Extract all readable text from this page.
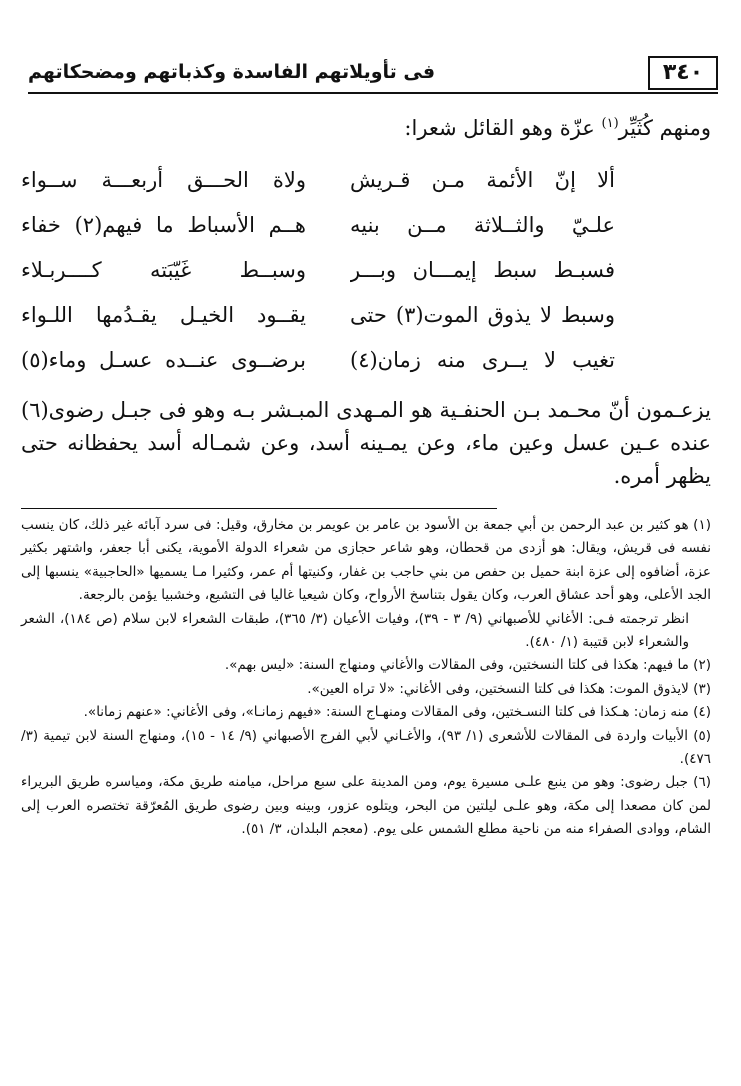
٣٤٠
فى تأويلاتهم الفاسدة وكذباتهم ومضحكاتهم
ومنهم كُثَيِّر$^{(١)}$ عزّة وهو القائل شعرا:
ألا إنّ الأئمة مـن قـريش
ولاة الحـــق أربعـــة ســواء
علـيّ والثــلاثة مــن بنيه
هــم الأسباط ما فيهم(٢) خفاء
فسبـط سبط إيمـــان وبـــر
وسبــط غَيّبَته كــــربـلاء
وسبط لا يذوق الموت(٣) حتى
يقــود الخيـل يقـدُمها اللـواء
تغيب لا يــرى منه زمان(٤)
برضــوى عنــده عسـل وماء(٥)
يزعـمون أنّ محـمد بـن الحنفـية هو المـهدى المبـشر بـه وهو فى جبـل رضوى(٦) عنده عـين عسل وعين ماء، وعن يمـينه أسد، وعن شمـاله أسد يحفظانه حتى يظهر أمره.

(١) هو كثير بن عبد الرحمن بن أبي جمعة بن الأسود بن عامر بن عويمر بن مخارق، وقيل: فى سرد آبائه غير ذلك، كان ينسب نفسه فى قريش، ويقال: هو أزدى من قحطان، وهو شاعر حجازى من شعراء الدولة الأموية، يكنى أبا جعفر، واشتهر بكثير عزة، أضافوه إلى عزة ابنة حميل بن حفص من بني حاجب بن غفار، وكنيتها أم عمر، وكثيرا مـا يسميها «الحاجبية» ينسبها إلى الجد الأعلى، وهو أحد عشاق العرب، وكان يقول بتناسخ الأرواح، وكان شيعيا غاليا فى التشيع، وخشبيا يؤمن بالرجعة.

انظر ترجمته فـى: الأغاني للأصبهاني (٩/ ٣ - ٣٩)، وفيات الأعيان (٣/ ٣٦٥)، طبقات الشعراء لابن سلام (ص ١٨٤)، الشعر والشعراء لابن قتيبة (١/ ٤٨٠).

(٢) ما فيهم: هكذا فى كلتا النسختين، وفى المقالات والأغاني ومنهاج السنة: «ليس بهم».

(٣) لايذوق الموت: هكذا فى كلتا النسختين، وفى الأغاني: «لا تراه العين».

(٤) منه زمان: هـكذا فى كلتا النسـختين، وفى المقالات ومنهـاج السنة: «فيهم زمانـا»، وفى الأغاني: «عنهم زمانا».

(٥) الأبيات واردة فى المقالات للأشعرى (١/ ٩٣)، والأغـاني لأبي الفرج الأصبهاني (٩/ ١٤ - ١٥)، ومنهاج السنة لابن تيمية (٣/ ٤٧٦).

(٦) جبل رضوى: وهو من ينبع علـى مسيرة يوم، ومن المدينة على سبع مراحل، ميامنه طريق مكة، ومياسره طريق البريراء لمن كان مصعدا إلى مكة، وهو علـى ليلتين من البحر، ويتلوه عزور، وبينه وبين رضوى طريق المُعرّقة تختصره العرب إلى الشام، ووادى الصفراء منه من ناحية مطلع الشمس على يوم. (معجم البلدان، ٣/ ٥١).
